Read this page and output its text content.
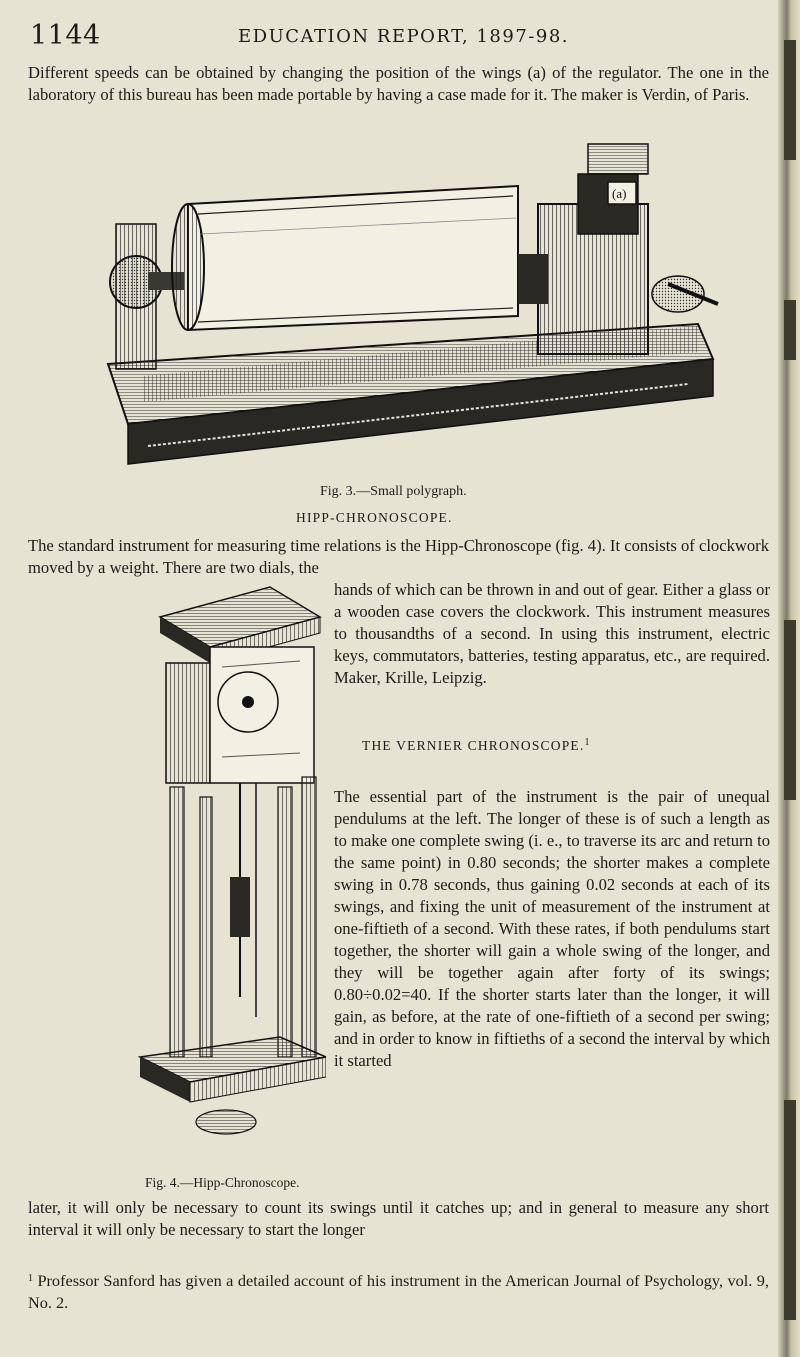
1144	EDUCATION REPORT, 1897-98.

Different speeds can be obtained by changing the position of the wings (a) of the regulator. The one in the laboratory of this bureau has been made portable by having a case made for it. The maker is Verdin, of Paris.

(a)
Fig. 3.—Small polygraph.
HIPP-CHRONOSCOPE.

The standard instrument for measuring time relations is the Hipp-Chronoscope (fig. 4). It consists of clockwork moved by a weight. There are two dials, the

hands of which can be thrown in and out of gear. Either a glass or a wooden case covers the clockwork. This instrument measures to thousandths of a second. In using this instrument, electric keys, commutators, batteries, testing apparatus, etc., are required. Maker, Krille, Leipzig.

THE VERNIER CHRONOSCOPE.$^1$

The essential part of the instrument is the pair of unequal pendulums at the left. The longer of these is of such a length as to make one complete swing (i. e., to traverse its arc and return to the same point) in 0.80 seconds; the shorter makes a complete swing in 0.78 seconds, thus gaining 0.02 seconds at each of its swings, and fixing the unit of measurement of the instrument at one-fiftieth of a second. With these rates, if both pendulums start together, the shorter will gain a whole swing of the longer, and they will be together again after forty of its swings; 0.80÷0.02=40. If the shorter starts later than the longer, it will gain, as before, at the rate of one-fiftieth of a second per swing; and in order to know in fiftieths of a second the interval by which it started

Fig. 4.—Hipp-Chronoscope.

later, it will only be necessary to count its swings until it catches up; and in general to measure any short interval it will only be necessary to start the longer

$^1$ Professor Sanford has given a detailed account of his instrument in the American Journal of Psychology, vol. 9, No. 2.
